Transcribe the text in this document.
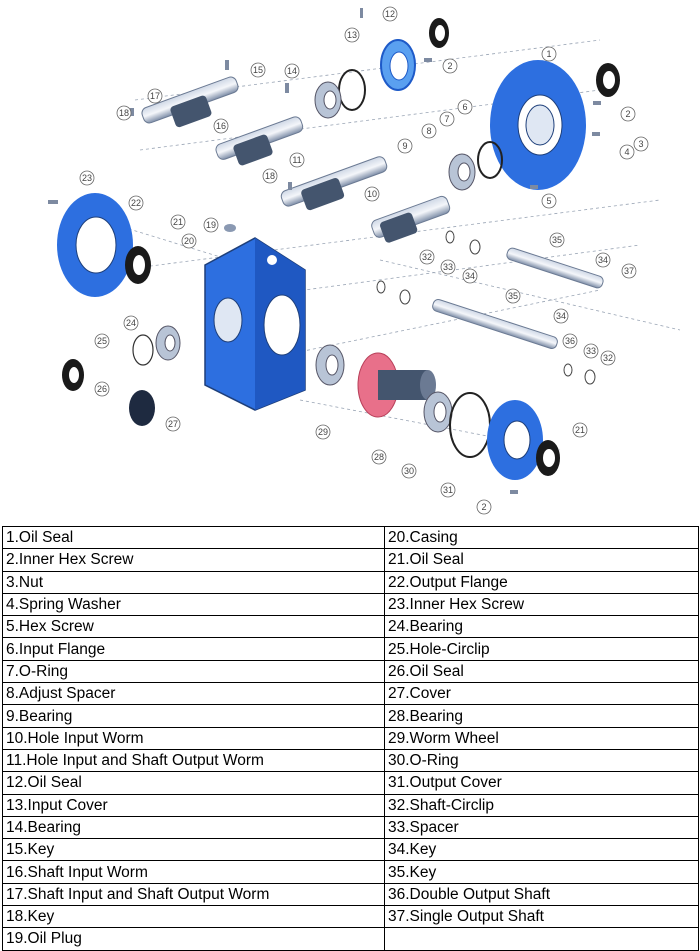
1
2
3
4
5
6
7
8
9
10
11
12
13
14
15
16
17
18
19
20
21
22
23
24
25
26
27
28
29
30
31
32
33
34
35
36
37
2
2
18
21
32
33
34
34
35
1.Oil Seal	20.Casing
2.Inner Hex Screw	21.Oil Seal
3.Nut	22.Output Flange
4.Spring Washer	23.Inner Hex Screw
5.Hex Screw	24.Bearing
6.Input Flange	25.Hole-Circlip
7.O-Ring	26.Oil Seal
8.Adjust Spacer	27.Cover
9.Bearing	28.Bearing
10.Hole Input Worm	29.Worm Wheel
11.Hole Input and Shaft Output Worm	30.O-Ring
12.Oil Seal	31.Output Cover
13.Input Cover	32.Shaft-Circlip
14.Bearing	33.Spacer
15.Key	34.Key
16.Shaft Input Worm	35.Key
17.Shaft Input and Shaft Output Worm	36.Double Output Shaft
18.Key	37.Single Output Shaft
19.Oil Plug	
